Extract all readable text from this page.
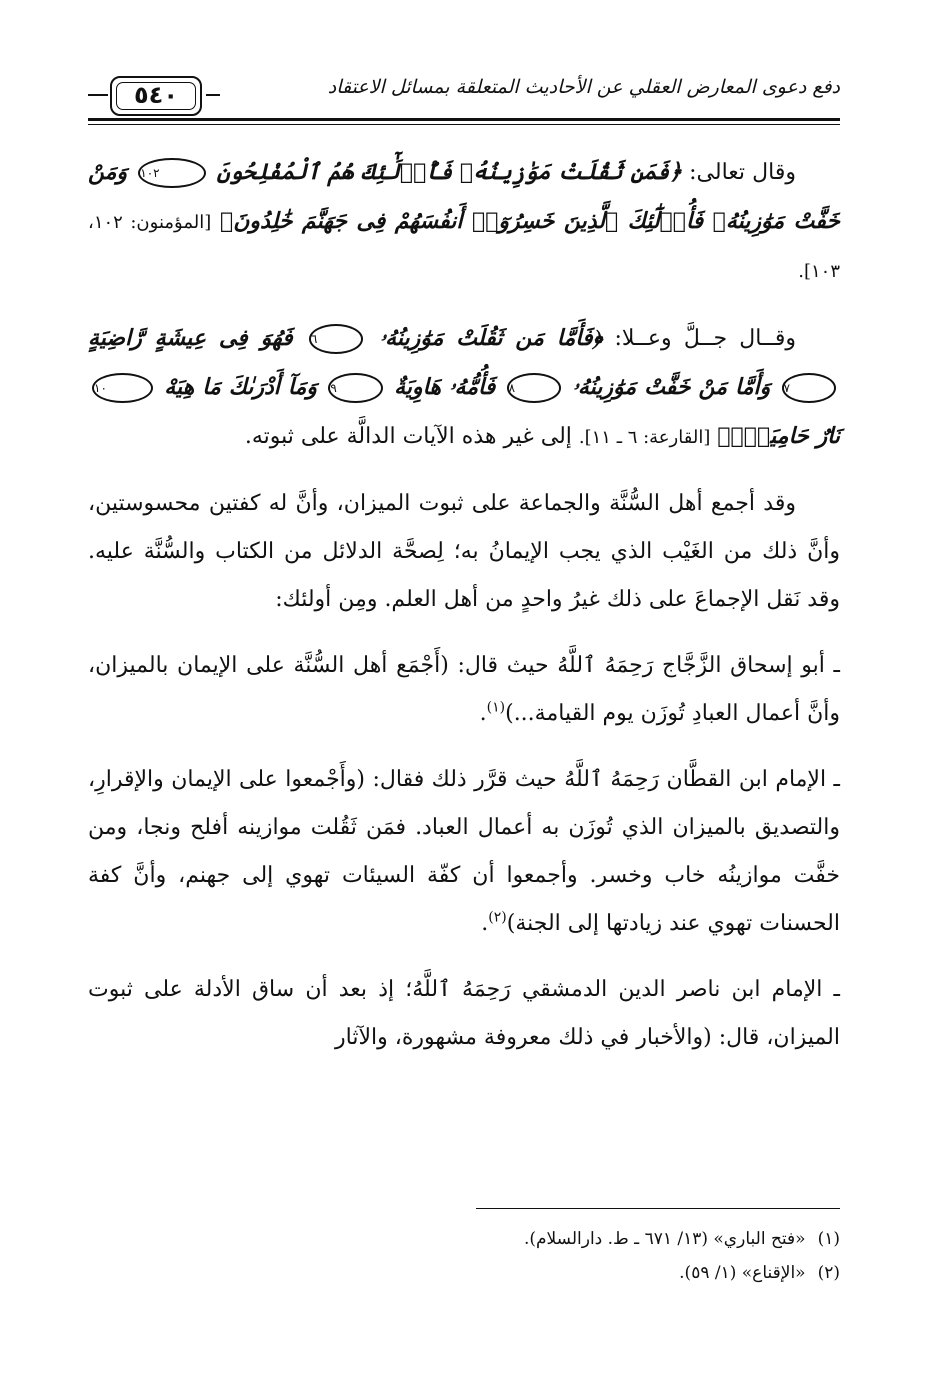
٥٤٠	دفع دعوى المعارض العقلي عن الأحاديث المتعلقة بمسائل الاعتقاد

وقال تعالى: ﴿فَمَن ثَقُلَتْ مَوَٰزِينُهُۥ فَأُو۟لَٰٓئِكَ هُمُ ٱلْمُفْلِحُونَ ١٠٢ وَمَنْ خَفَّتْ مَوَٰزِينُهُۥ فَأُو۟لَٰٓئِكَ ٱلَّذِينَ خَسِرُوٓا۟ أَنفُسَهُمْ فِى جَهَنَّمَ خَٰلِدُونَ﴾ [المؤمنون: ١٠٢، ١٠٣].

وقــال جــلَّ وعــلا: ﴿فَأَمَّا مَن ثَقُلَتْ مَوَٰزِينُهُۥ ٦ فَهُوَ فِى عِيشَةٍ رَّاضِيَةٍ ٧ وَأَمَّا مَنْ خَفَّتْ مَوَٰزِينُهُۥ ٨ فَأُمُّهُۥ هَاوِيَةٌ ٩ وَمَآ أَدْرَىٰكَ مَا هِيَهْ ١٠ نَارٌ حَامِيَةٌۢ﴾ [القارعة: ٦ ـ ١١]. إلى غير هذه الآيات الدالَّة على ثبوته.

وقد أجمع أهل السُّنَّة والجماعة على ثبوت الميزان، وأنَّ له كفتين محسوستين، وأنَّ ذلك من الغَيْب الذي يجب الإيمانُ به؛ لِصحَّة الدلائل من الكتاب والسُّنَّة عليه. وقد نَقل الإجماعَ على ذلك غيرُ واحدٍ من أهل العلم. ومِن أولئك:

ـ أبو إسحاق الزَّجَّاج رَحِمَهُ ٱللَّهُ حيث قال: (أَجْمَع أهل السُّنَّة على الإيمان بالميزان، وأنَّ أعمال العبادِ تُوزَن يوم القيامة...)$^{(١)}$.

ـ الإمام ابن القطَّان رَحِمَهُ ٱللَّهُ حيث قرَّر ذلك فقال: (وأَجْمعوا على الإيمان والإقرارِ، والتصديق بالميزان الذي تُوزَن به أعمال العباد. فمَن ثَقُلت موازينه أفلح ونجا، ومن خفَّت موازينُه خاب وخسر. وأجمعوا أن كفّة السيئات تهوي إلى جهنم، وأنَّ كفة الحسنات تهوي عند زيادتها إلى الجنة)$^{(٢)}$.

ـ الإمام ابن ناصر الدين الدمشقي رَحِمَهُ ٱللَّهُ؛ إذ بعد أن ساق الأدلة على ثبوت الميزان، قال: (والأخبار في ذلك معروفة مشهورة، والآثار

(١)«فتح الباري» (١٣/ ٦٧١ ـ ط. دارالسلام).
(٢)«الإقناع» (١/ ٥٩).
